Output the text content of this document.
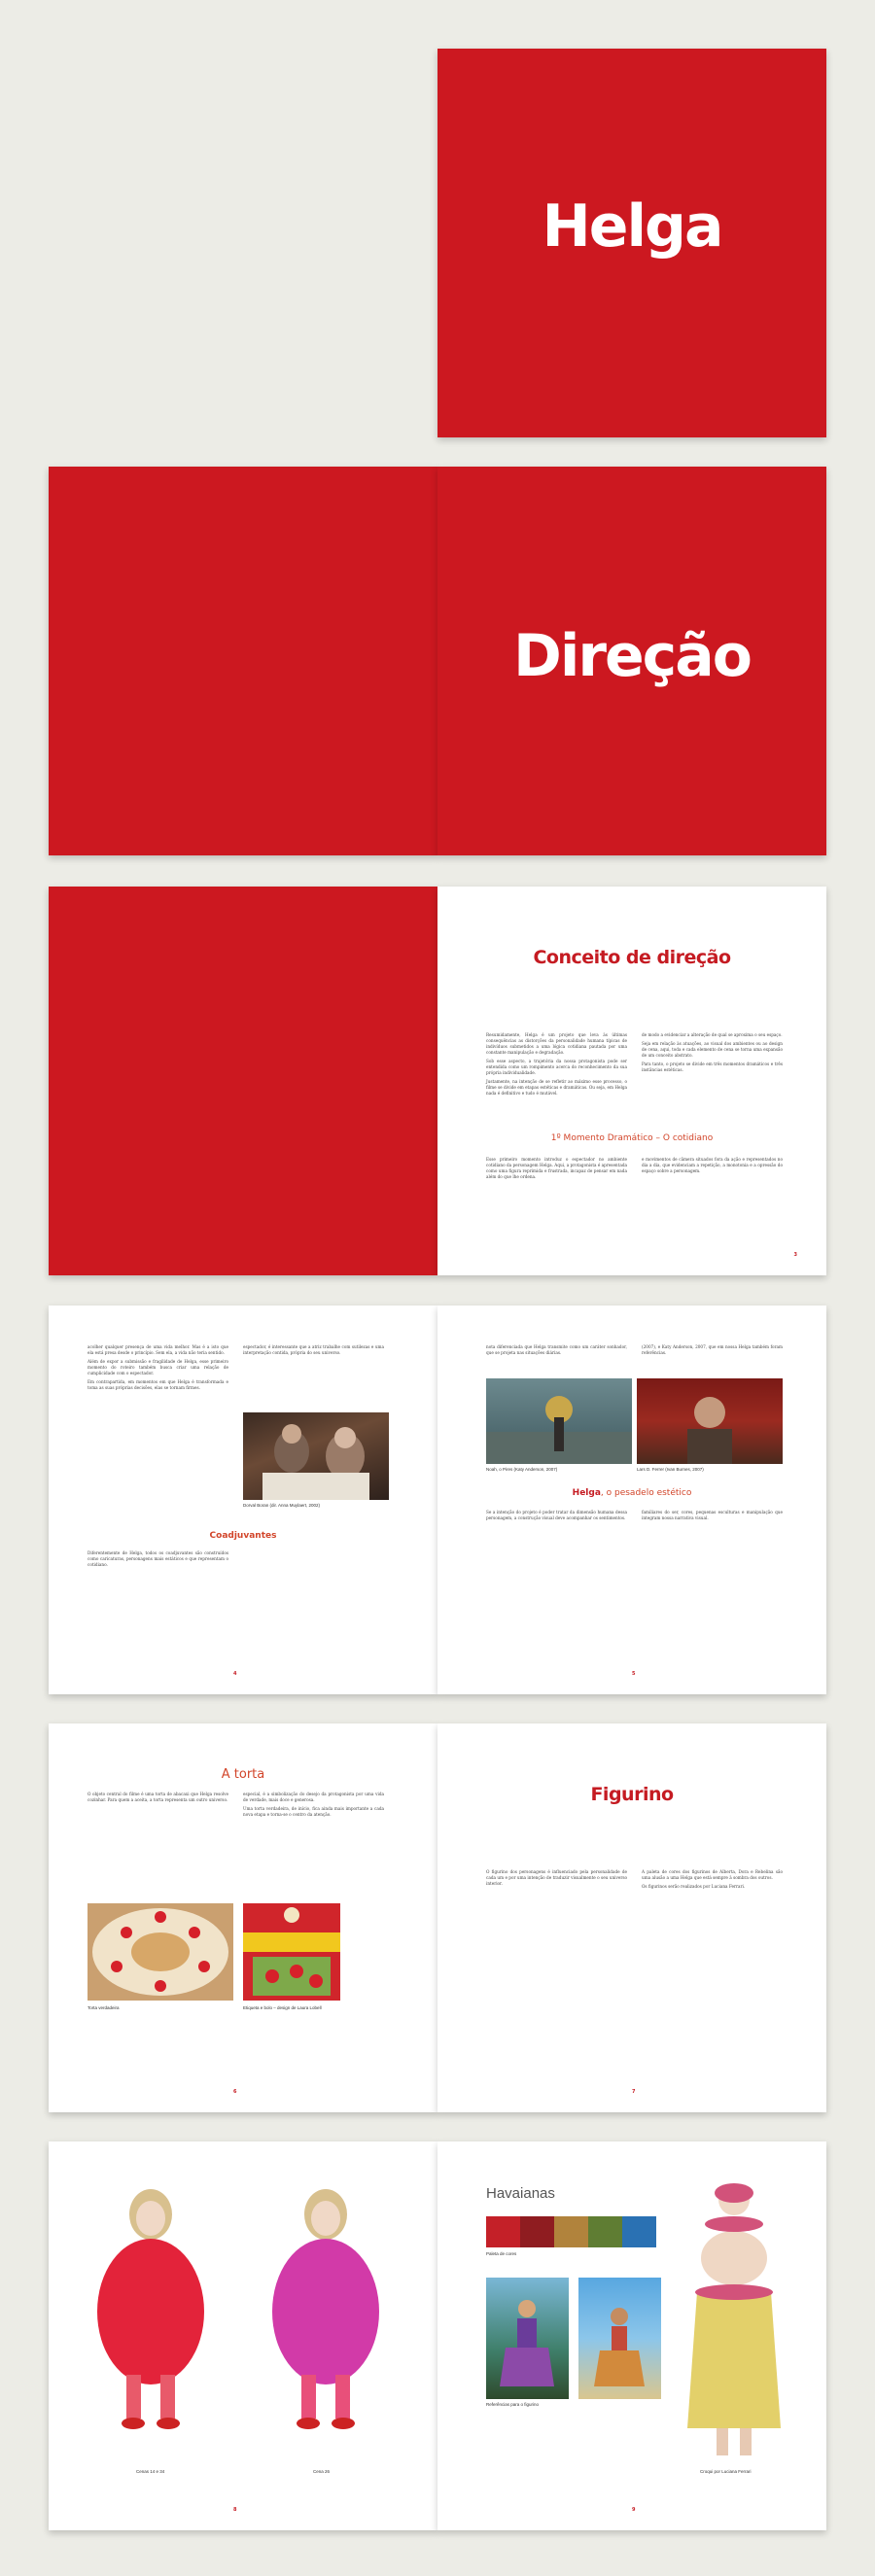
Helga
Direção
Conceito de direção

Resumidamente, Helga é um projeto que leva às últimas consequências as distorções da personalidade humana típicas de indivíduos submetidos a uma lógica cotidiana pautada por uma constante manipulação e degradação.

Sob esse aspecto, a trajetória da nossa protagonista pode ser entendida como um rompimento acerca do reconhecimento da sua própria individualidade.

Justamente, na intenção de se refletir ao máximo esse processo, o filme se divide em etapas estéticas e dramáticas. Ou seja, em Helga nada é definitivo e tudo é mutável.

de modo a evidenciar a alteração de qual se aproxima o seu espaço.

Seja em relação às atuações, ao visual dos ambientes ou ao design de cena, aqui, toda e cada elemento de cena se torna uma expansão de um conceito abstrato.

Para tanto, o projeto se divide em três momentos dramáticos e três instâncias estéticas.

1º Momento Dramático – O cotidiano

Esse primeiro momento introduz o espectador no ambiente cotidiano da personagem Helga. Aqui, a protagonista é apresentada como uma figura reprimida e frustrada, incapaz de pensar em nada além do que lhe ordena.

e movimentos de câmera situados fora da ação e representados no dia a dia, que evidenciam a repetição, a monotonia e a opressão do espaço sobre a personagem.

3

acolher qualquer presença de uma vida melhor. Mas é a isto que ela está presa desde o princípio. Sem ela, a vida não teria sentido.

Além de expor a submissão e fragilidade de Helga, esse primeiro momento do roteiro também busca criar uma relação de cumplicidade com o espectador.

Em contrapartida, em momentos em que Helga é transformada e toma as suas próprias decisões, elas se tornam firmes.

espectador, é interessante que a atriz trabalhe com sutilezas e uma interpretação contida, própria do seu universo.

Dorval Boran (dir. Anna Muylaert, 2002)
Coadjuvantes

Diferentemente de Helga, todos os coadjuvantes são construídos como caricaturas, personagens mais estáticos e que representam o cotidiano.

4

nota diferenciada que Helga transmite como um caráter sonhador, que se projeta nas situações diárias.

(2007), e Katy Anderson, 2007, que em nossa Helga também foram referências.

Noah, o Pires (Katy Anderson, 2007)	Lars D. Ferrer (Ivan Burnes, 2007)
Helga, o pesadelo estético

Se a intenção do projeto é poder tratar da dimensão humana dessa personagem, a construção visual deve acompanhar os sentimentos.

familiares do ser, cores, pequenas esculturas e manipulação que integram nossa narrativa visual.

5
A torta

O objeto central do filme é uma torta de abacaxi que Helga resolve cozinhar. Para quem a aceita, a torta representa um outro universo.

especial, é a simbolização do desejo da protagonista por uma vida de verdade, mais doce e generosa.

Uma torta verdadeira, de início, fica ainda mais importante a cada nova etapa e torna-se o centro da atenção.

Torta verdadeira	Etiqueta e bolo – design de Laura Lobell
6
Figurino

O figurino dos personagens é influenciado pela personalidade de cada um e por uma intenção de traduzir visualmente o seu universo interior.

A paleta de cores dos figurinos de Alberta, Dora e Rebelina são uma alusão a uma Helga que está sempre à sombra dos outros.

Os figurinos serão realizados por Luciana Ferrari.

7
Cenas 14 e 34	Cena 26
8
Havaianas
Paleta de cores
Referências para o figurino
Croqui por Luciana Ferrari
9
